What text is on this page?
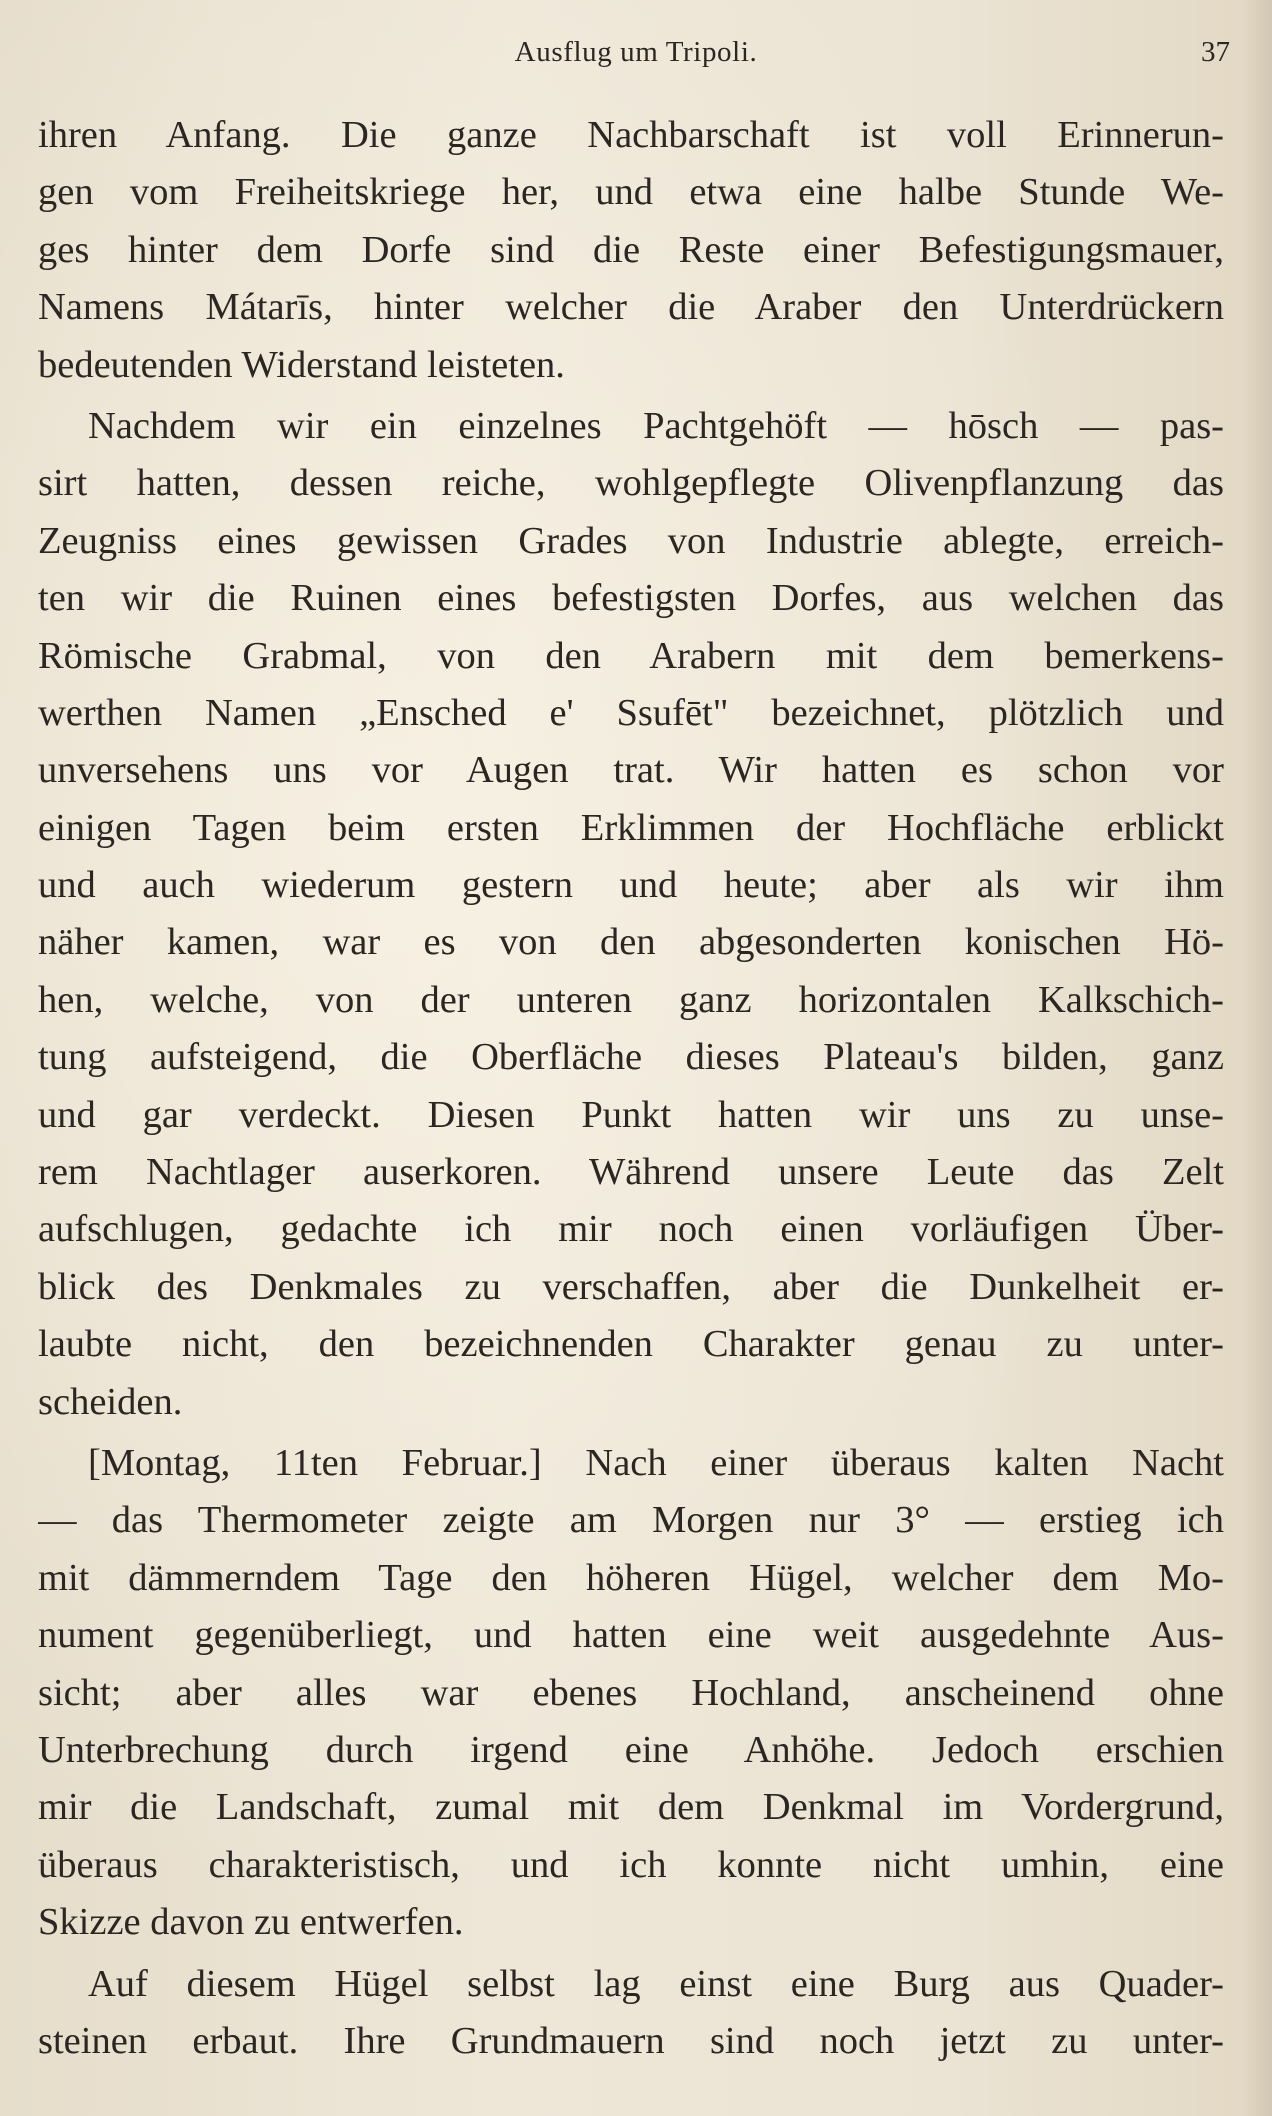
Ausflug um Tripoli.	37
ihren Anfang. Die ganze Nachbarschaft ist voll Erinnerun-
gen vom Freiheitskriege her, und etwa eine halbe Stunde We-
ges hinter dem Dorfe sind die Reste einer Befestigungsmauer,
Namens Mátarīs, hinter welcher die Araber den Unterdrückern
bedeutenden Widerstand leisteten.
Nachdem wir ein einzelnes Pachtgehöft — hōsch — pas-
sirt hatten, dessen reiche, wohlgepflegte Olivenpflanzung das
Zeugniss eines gewissen Grades von Industrie ablegte, erreich-
ten wir die Ruinen eines befestigsten Dorfes, aus welchen das
Römische Grabmal, von den Arabern mit dem bemerkens-
werthen Namen „Ensched e' Ssufēt" bezeichnet, plötzlich und
unversehens uns vor Augen trat. Wir hatten es schon vor
einigen Tagen beim ersten Erklimmen der Hochfläche erblickt
und auch wiederum gestern und heute; aber als wir ihm
näher kamen, war es von den abgesonderten konischen Hö-
hen, welche, von der unteren ganz horizontalen Kalkschich-
tung aufsteigend, die Oberfläche dieses Plateau's bilden, ganz
und gar verdeckt. Diesen Punkt hatten wir uns zu unse-
rem Nachtlager auserkoren. Während unsere Leute das Zelt
aufschlugen, gedachte ich mir noch einen vorläufigen Über-
blick des Denkmales zu verschaffen, aber die Dunkelheit er-
laubte nicht, den bezeichnenden Charakter genau zu unter-
scheiden.
[Montag, 11ten Februar.] Nach einer überaus kalten Nacht
— das Thermometer zeigte am Morgen nur 3° — erstieg ich
mit dämmerndem Tage den höheren Hügel, welcher dem Mo-
nument gegenüberliegt, und hatten eine weit ausgedehnte Aus-
sicht; aber alles war ebenes Hochland, anscheinend ohne
Unterbrechung durch irgend eine Anhöhe. Jedoch erschien
mir die Landschaft, zumal mit dem Denkmal im Vordergrund,
überaus charakteristisch, und ich konnte nicht umhin, eine
Skizze davon zu entwerfen.
Auf diesem Hügel selbst lag einst eine Burg aus Quader-
steinen erbaut. Ihre Grundmauern sind noch jetzt zu unter-
